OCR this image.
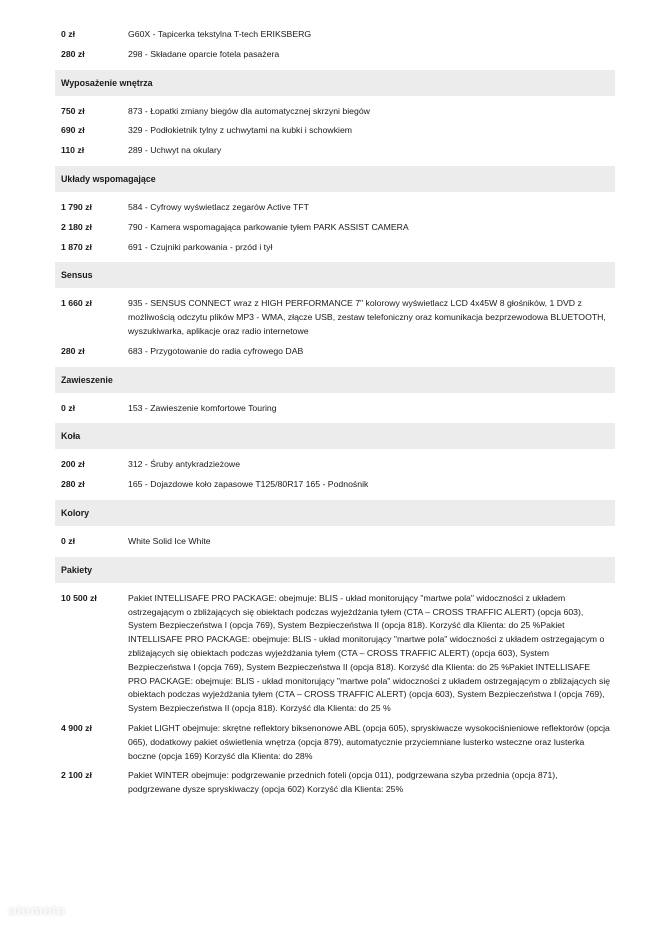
0 zł	G60X - Tapicerka tekstylna T-tech ERIKSBERG
280 zł	298 - Składane oparcie fotela pasażera
Wyposażenie wnętrza
750 zł	873 - Łopatki zmiany biegów dla automatycznej skrzyni biegów
690 zł	329 - Podłokietnik tylny z uchwytami na kubki i schowkiem
110 zł	289 - Uchwyt na okulary
Układy wspomagające
1 790 zł	584 - Cyfrowy wyświetlacz zegarów Active TFT
2 180 zł	790 - Kamera wspomagająca parkowanie tyłem PARK ASSIST CAMERA
1 870 zł	691 - Czujniki parkowania - przód i tył
Sensus
1 660 zł	935 - SENSUS CONNECT wraz z HIGH PERFORMANCE 7" kolorowy wyświetlacz LCD 4x45W 8 głośników, 1 DVD z możliwością odczytu plików MP3 - WMA, złącze USB, zestaw telefoniczny oraz komunikacja bezprzewodowa BLUETOOTH, wyszukiwarka, aplikacje oraz radio internetowe
280 zł	683 - Przygotowanie do radia cyfrowego DAB
Zawieszenie
0 zł	153 - Zawieszenie komfortowe Touring
Koła
200 zł	312 - Śruby antykradzieżowe
280 zł	165 - Dojazdowe koło zapasowe T125/80R17 165 - Podnośnik
Kolory
0 zł	White Solid Ice White
Pakiety
10 500 zł	Pakiet INTELLISAFE PRO PACKAGE: obejmuje: BLIS - układ monitorujący "martwe pola" widoczności z układem ostrzegającym o zbliżających się obiektach podczas wyjeżdżania tyłem (CTA – CROSS TRAFFIC ALERT) (opcja 603), System Bezpieczeństwa I (opcja 769), System Bezpieczeństwa II (opcja 818). Korzyść dla Klienta: do 25 %Pakiet INTELLISAFE PRO PACKAGE: obejmuje: BLIS - układ monitorujący "martwe pola" widoczności z układem ostrzegającym o zbliżających się obiektach podczas wyjeżdżania tyłem (CTA – CROSS TRAFFIC ALERT) (opcja 603), System Bezpieczeństwa I (opcja 769), System Bezpieczeństwa II (opcja 818). Korzyść dla Klienta: do 25 %Pakiet INTELLISAFE PRO PACKAGE: obejmuje: BLIS - układ monitorujący "martwe pola" widoczności z układem ostrzegającym o zbliżających się obiektach podczas wyjeżdżania tyłem (CTA – CROSS TRAFFIC ALERT) (opcja 603), System Bezpieczeństwa I (opcja 769), System Bezpieczeństwa II (opcja 818). Korzyść dla Klienta: do 25 %
4 900 zł	Pakiet LIGHT obejmuje: skrętne reflektory biksenonowe ABL (opcja 605), spryskiwacze wysokociśnieniowe reflektorów (opcja 065), dodatkowy pakiet oświetlenia wnętrza (opcja 879), automatycznie przyciemniane lusterko wsteczne oraz lusterka boczne (opcja 169) Korzyść dla Klienta: do 28%
2 100 zł	Pakiet WINTER obejmuje: podgrzewanie przednich foteli (opcja 011), podgrzewana szyba przednia (opcja 871), podgrzewane dysze spryskiwaczy (opcja 602) Korzyść dla Klienta: 25%
otomoto
